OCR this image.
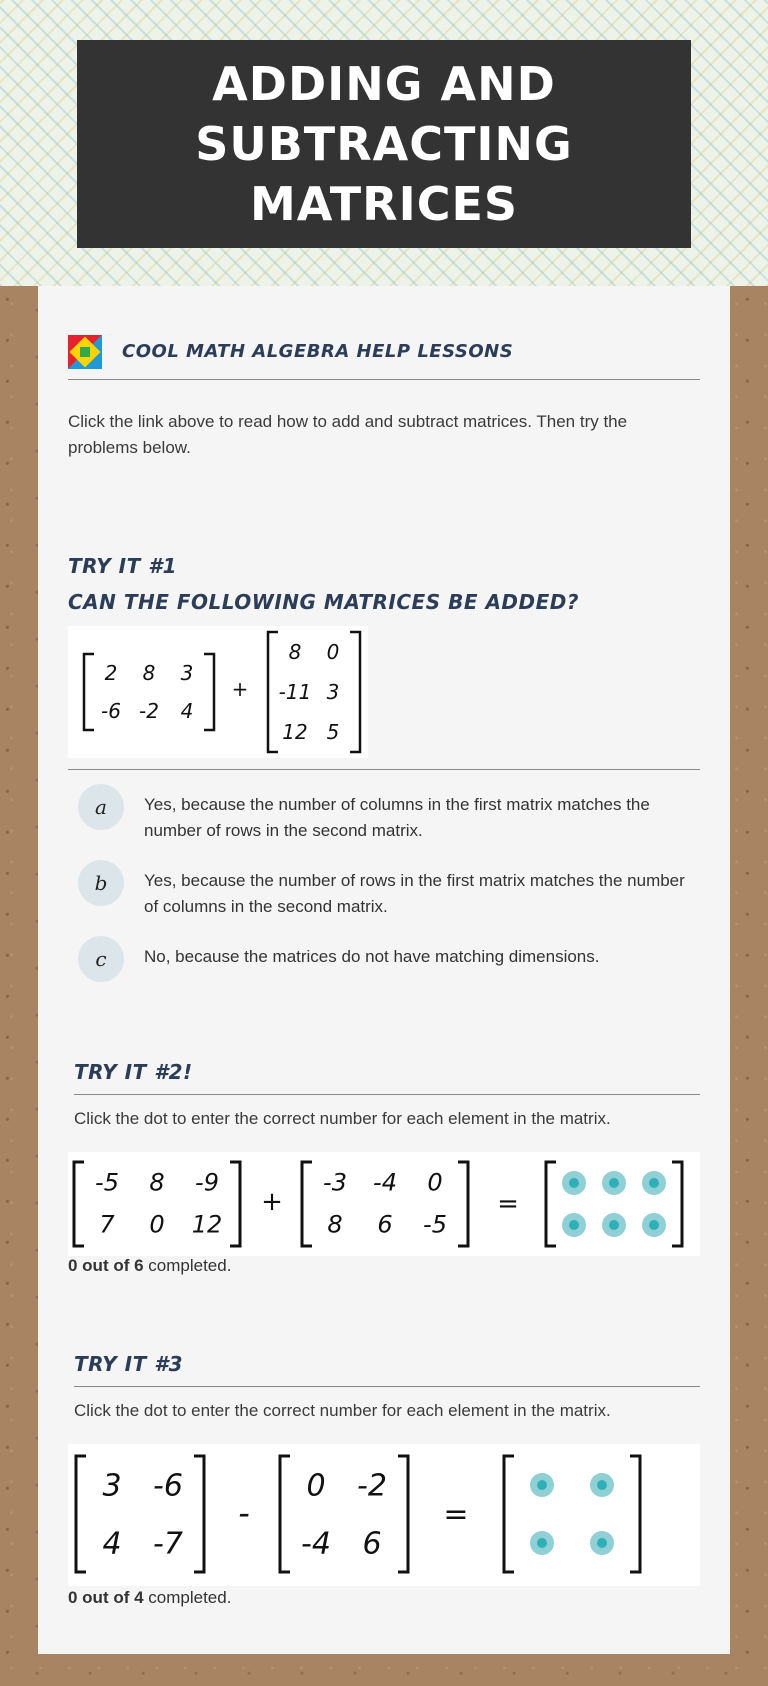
ADDING AND SUBTRACTING MATRICES
COOL MATH ALGEBRA HELP LESSONS

Click the link above to read how to add and subtract matrices. Then try the problems below.

TRY IT #1
CAN THE FOLLOWING MATRICES BE ADDED?
2 8 3
-6 -2 4
+
8 0
-11 3
12 5
a	Yes, because the number of columns in the first matrix matches the number of rows in the second matrix.
b	Yes, because the number of rows in the first matrix matches the number of columns in the second matrix.
c	No, because the matrices do not have matching dimensions.
TRY IT #2!

Click the dot to enter the correct number for each element in the matrix.

-5 8 -9
7 0 12
+
-3 -4 0
8 6 -5
=

0 out of 6 completed.

TRY IT #3

Click the dot to enter the correct number for each element in the matrix.

3 -6
4 -7
-
0 -2
-4 6
=

0 out of 4 completed.
